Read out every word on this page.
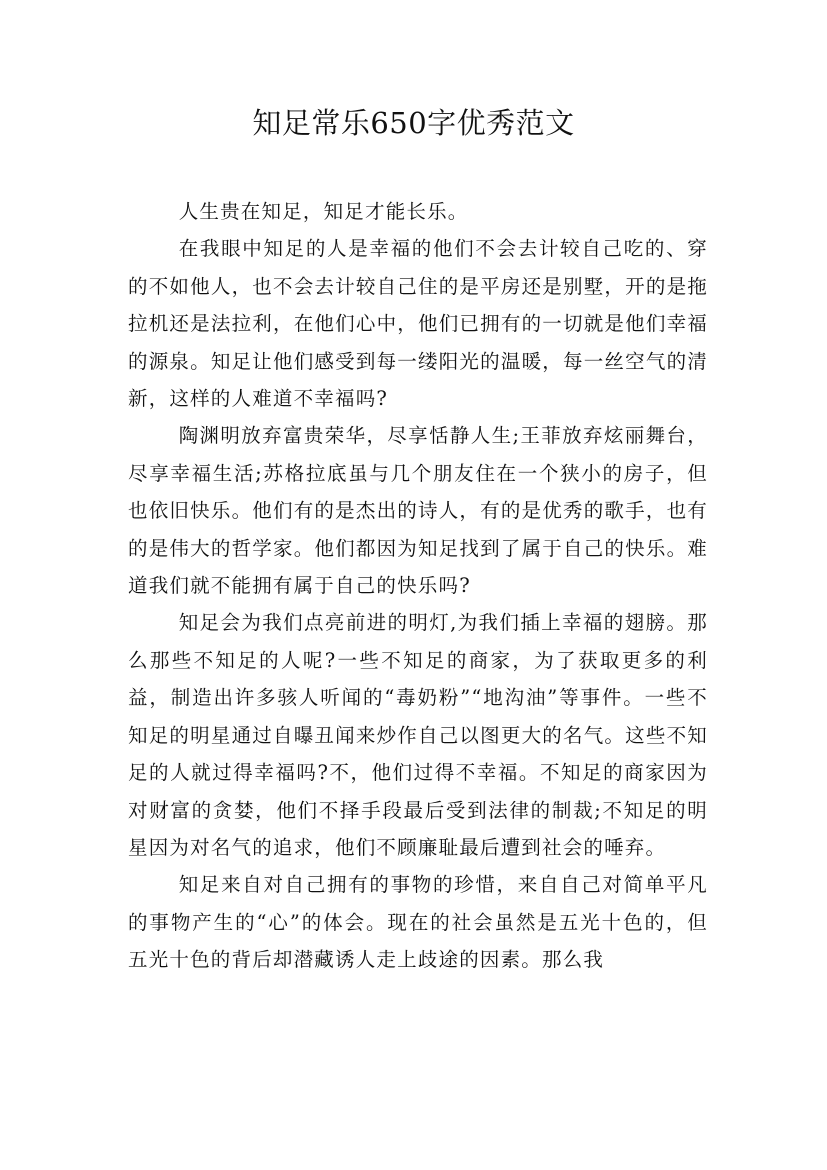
知足常乐650字优秀范文

人生贵在知足，知足才能长乐。

在我眼中知足的人是幸福的他们不会去计较自己吃的、穿的不如他人，也不会去计较自己住的是平房还是别墅，开的是拖拉机还是法拉利，在他们心中，他们已拥有的一切就是他们幸福的源泉。知足让他们感受到每一缕阳光的温暖，每一丝空气的清新，这样的人难道不幸福吗?

陶渊明放弃富贵荣华，尽享恬静人生;王菲放弃炫丽舞台，尽享幸福生活;苏格拉底虽与几个朋友住在一个狭小的房子，但也依旧快乐。他们有的是杰出的诗人，有的是优秀的歌手，也有的是伟大的哲学家。他们都因为知足找到了属于自己的快乐。难道我们就不能拥有属于自己的快乐吗?

知足会为我们点亮前进的明灯,为我们插上幸福的翅膀。那么那些不知足的人呢?一些不知足的商家，为了获取更多的利益，制造出许多骇人听闻的“毒奶粉”“地沟油”等事件。一些不知足的明星通过自曝丑闻来炒作自己以图更大的名气。这些不知足的人就过得幸福吗?不，他们过得不幸福。不知足的商家因为对财富的贪婪，他们不择手段最后受到法律的制裁;不知足的明星因为对名气的追求，他们不顾廉耻最后遭到社会的唾弃。

知足来自对自己拥有的事物的珍惜，来自自己对简单平凡的事物产生的“心”的体会。现在的社会虽然是五光十色的，但五光十色的背后却潜藏诱人走上歧途的因素。那么我
